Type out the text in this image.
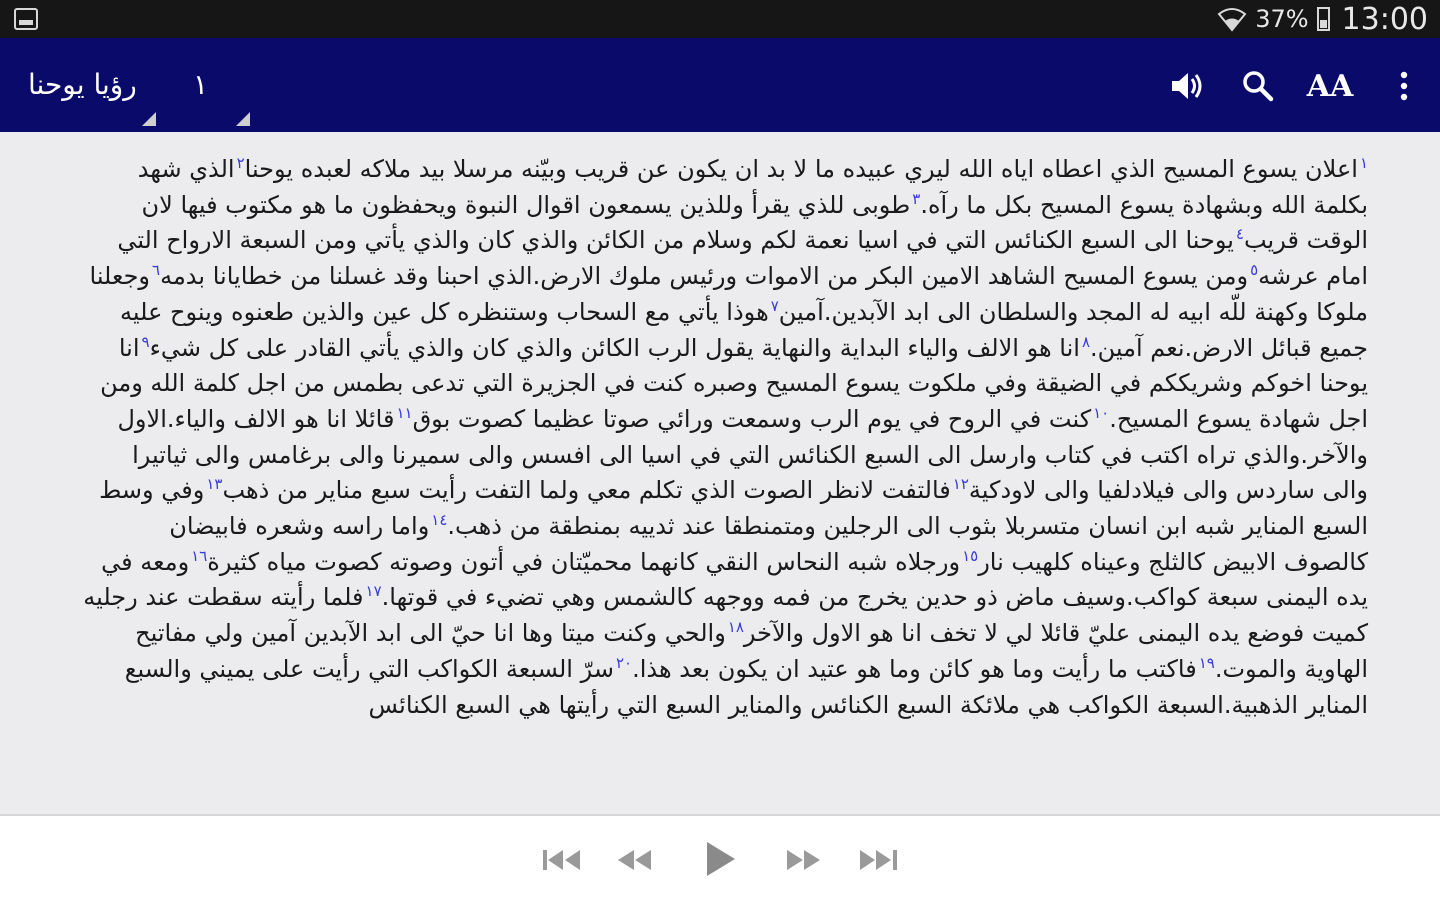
37% 13:00
رؤيا يوحنا ١	AA
$^١$اعلان يسوع المسيح الذي اعطاه اياه الله ليري عبيده ما لا بد ان يكون عن قريب وبيّنه مرسلا بيد ملاكه لعبده يوحنا$^٢$الذي شهد بكلمة الله وبشهادة يسوع المسيح بكل ما رآه.$^٣$طوبى للذي يقرأ وللذين يسمعون اقوال النبوة ويحفظون ما هو مكتوب فيها لان الوقت قريب$^٤$يوحنا الى السبع الكنائس التي في اسيا نعمة لكم وسلام من الكائن والذي كان والذي يأتي ومن السبعة الارواح التي امام عرشه$^٥$ومن يسوع المسيح الشاهد الامين البكر من الاموات ورئيس ملوك الارض.الذي احبنا وقد غسلنا من خطايانا بدمه$^٦$وجعلنا ملوكا وكهنة للّه ابيه له المجد والسلطان الى ابد الآبدين.آمين$^٧$هوذا يأتي مع السحاب وستنظره كل عين والذين طعنوه وينوح عليه جميع قبائل الارض.نعم آمين.$^٨$انا هو الالف والياء البداية والنهاية يقول الرب الكائن والذي كان والذي يأتي القادر على كل شيء$^٩$انا يوحنا اخوكم وشريككم في الضيقة وفي ملكوت يسوع المسيح وصبره كنت في الجزيرة التي تدعى بطمس من اجل كلمة الله ومن اجل شهادة يسوع المسيح.$^{١٠}$كنت في الروح في يوم الرب وسمعت ورائي صوتا عظيما كصوت بوق$^{١١}$قائلا انا هو الالف والياء.الاول والآخر.والذي تراه اكتب في كتاب وارسل الى السبع الكنائس التي في اسيا الى افسس والى سميرنا والى برغامس والى ثياتيرا والى ساردس والى فيلادلفيا والى لاودكية$^{١٢}$فالتفت لانظر الصوت الذي تكلم معي ولما التفت رأيت سبع مناير من ذهب$^{١٣}$وفي وسط السبع المناير شبه ابن انسان متسربلا بثوب الى الرجلين ومتمنطقا عند ثدييه بمنطقة من ذهب.$^{١٤}$واما راسه وشعره فابيضان كالصوف الابيض كالثلج وعيناه كلهيب نار$^{١٥}$ورجلاه شبه النحاس النقي كانهما محميّتان في أتون وصوته كصوت مياه كثيرة$^{١٦}$ومعه في يده اليمنى سبعة كواكب.وسيف ماض ذو حدين يخرج من فمه ووجهه كالشمس وهي تضيء في قوتها.$^{١٧}$فلما رأيته سقطت عند رجليه كميت فوضع يده اليمنى عليّ قائلا لي لا تخف انا هو الاول والآخر$^{١٨}$والحي وكنت ميتا وها انا حيّ الى ابد الآبدين آمين ولي مفاتيح الهاوية والموت.$^{١٩}$فاكتب ما رأيت وما هو كائن وما هو عتيد ان يكون بعد هذا.$^{٢٠}$سرّ السبعة الكواكب التي رأيت على يميني والسبع المناير الذهبية.السبعة الكواكب هي ملائكة السبع الكنائس والمناير السبع التي رأيتها هي السبع الكنائس
